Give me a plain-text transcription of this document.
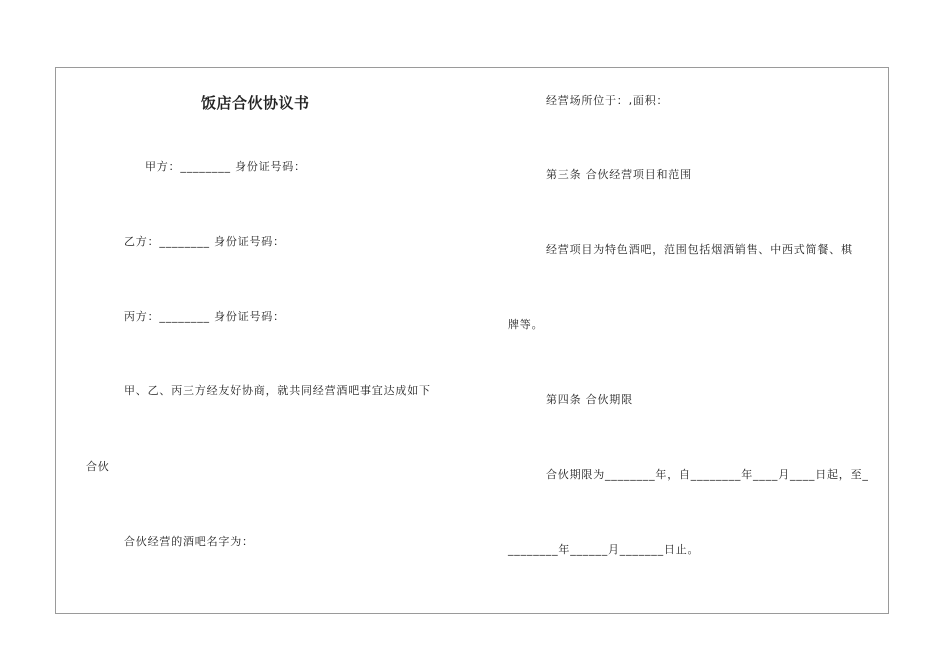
饭店合伙协议书
甲方：________ 身份证号码：
乙方：________ 身份证号码：
丙方：________ 身份证号码：
甲、乙、丙三方经友好协商，就共同经营酒吧事宜达成如下
合伙
合伙经营的酒吧名字为：
经营场所位于：,面积：
第三条 合伙经营项目和范围
经营项目为特色酒吧，范围包括烟酒销售、中西式简餐、棋
牌等。
第四条 合伙期限
合伙期限为________年，自________年____月____日起，至_
________年______月_______日止。
